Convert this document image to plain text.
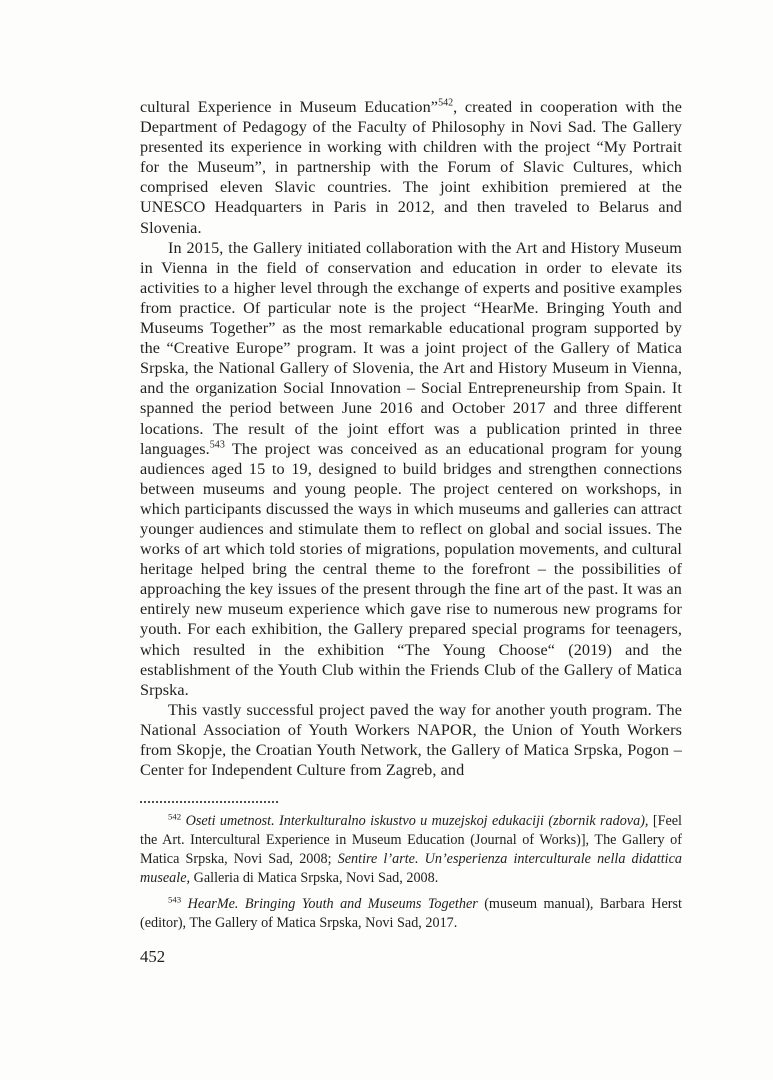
cultural Experience in Museum Education”$^{542}$, created in cooperation with the Department of Pedagogy of the Faculty of Philosophy in Novi Sad. The Gallery presented its experience in working with children with the project “My Portrait for the Museum”, in partnership with the Forum of Slavic Cultures, which comprised eleven Slavic countries. The joint exhibition premiered at the UNESCO Headquarters in Paris in 2012, and then traveled to Belarus and Slovenia.

In 2015, the Gallery initiated collaboration with the Art and History Museum in Vienna in the field of conservation and education in order to elevate its activities to a higher level through the exchange of experts and positive examples from practice. Of particular note is the project “HearMe. Bringing Youth and Museums Together” as the most remarkable educational program supported by the “Creative Europe” program. It was a joint project of the Gallery of Matica Srpska, the National Gallery of Slovenia, the Art and History Museum in Vienna, and the organization Social Innovation – Social Entrepreneurship from Spain. It spanned the period between June 2016 and October 2017 and three different locations. The result of the joint effort was a publication printed in three languages.$^{543}$ The project was conceived as an educational program for young audiences aged 15 to 19, designed to build bridges and strengthen connections between museums and young people. The project centered on workshops, in which participants discussed the ways in which museums and galleries can attract younger audiences and stimulate them to reflect on global and social issues. The works of art which told stories of migrations, population movements, and cultural heritage helped bring the central theme to the forefront – the possibilities of approaching the key issues of the present through the fine art of the past. It was an entirely new museum experience which gave rise to numerous new programs for youth. For each exhibition, the Gallery prepared special programs for teenagers, which resulted in the exhibition “The Young Choose“ (2019) and the establishment of the Youth Club within the Friends Club of the Gallery of Matica Srpska.

This vastly successful project paved the way for another youth program. The National Association of Youth Workers NAPOR, the Union of Youth Workers from Skopje, the Croatian Youth Network, the Gallery of Matica Srpska, Pogon – Center for Independent Culture from Zagreb, and

$^{542}$ Oseti umetnost. Interkulturalno iskustvo u muzejskoj edukaciji (zbornik radova), [Feel the Art. Intercultural Experience in Museum Education (Journal of Works)], The Gallery of Matica Srpska, Novi Sad, 2008; Sentire l’arte. Un’esperienza interculturale nella didattica museale, Galleria di Matica Srpska, Novi Sad, 2008.

$^{543}$ HearMe. Bringing Youth and Museums Together (museum manual), Barbara Herst (editor), The Gallery of Matica Srpska, Novi Sad, 2017.

452
